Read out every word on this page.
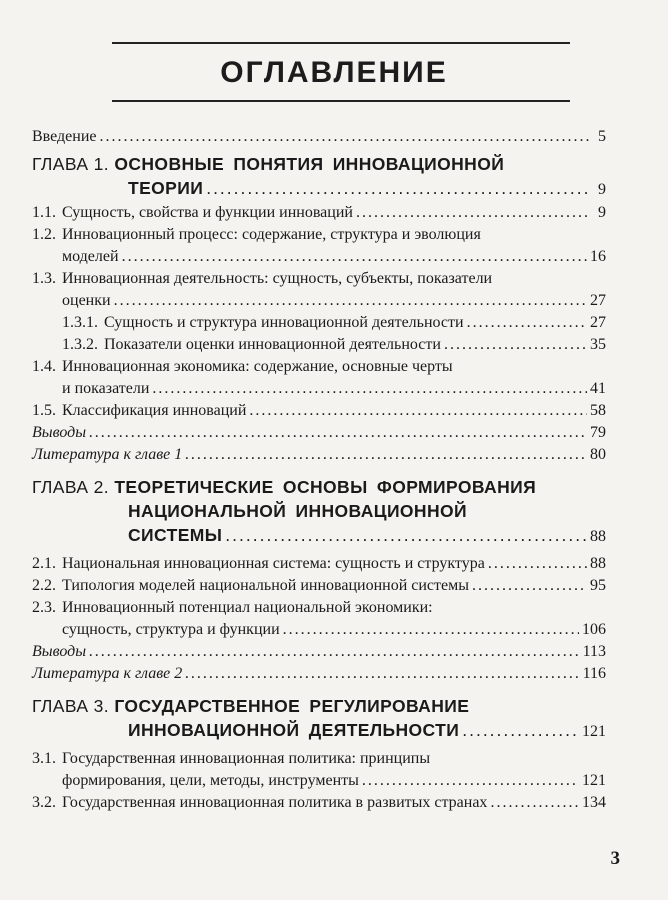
ОГЛАВЛЕНИЕ
Введение .....	5
ГЛАВА 1. ОСНОВНЫЕ ПОНЯТИЯ ИННОВАЦИОННОЙ
ТЕОРИИ .....	9
1.1. Сущность, свойства и функции инноваций .....	9
1.2. Инновационный процесс: содержание, структура и эволюция
моделей .....	16
1.3. Инновационная деятельность: сущность, субъекты, показатели
оценки .....	27
1.3.1. Сущность и структура инновационной деятельности .....	27
1.3.2. Показатели оценки инновационной деятельности .....	35
1.4. Инновационная экономика: содержание, основные черты
и показатели .....	41
1.5. Классификация инноваций .....	58
Выводы .....	79
Литература к главе 1 .....	80
ГЛАВА 2. ТЕОРЕТИЧЕСКИЕ ОСНОВЫ ФОРМИРОВАНИЯ
НАЦИОНАЛЬНОЙ ИННОВАЦИОННОЙ
СИСТЕМЫ .....	88
2.1. Национальная инновационная система: сущность и структура .....	88
2.2. Типология моделей национальной инновационной системы .....	95
2.3. Инновационный потенциал национальной экономики:
сущность, структура и функции .....	106
Выводы .....	113
Литература к главе 2 .....	116
ГЛАВА 3. ГОСУДАРСТВЕННОЕ РЕГУЛИРОВАНИЕ
ИННОВАЦИОННОЙ ДЕЯТЕЛЬНОСТИ .....	121
3.1. Государственная инновационная политика: принципы
формирования, цели, методы, инструменты .....	121
3.2. Государственная инновационная политика в развитых странах .....	134
3
